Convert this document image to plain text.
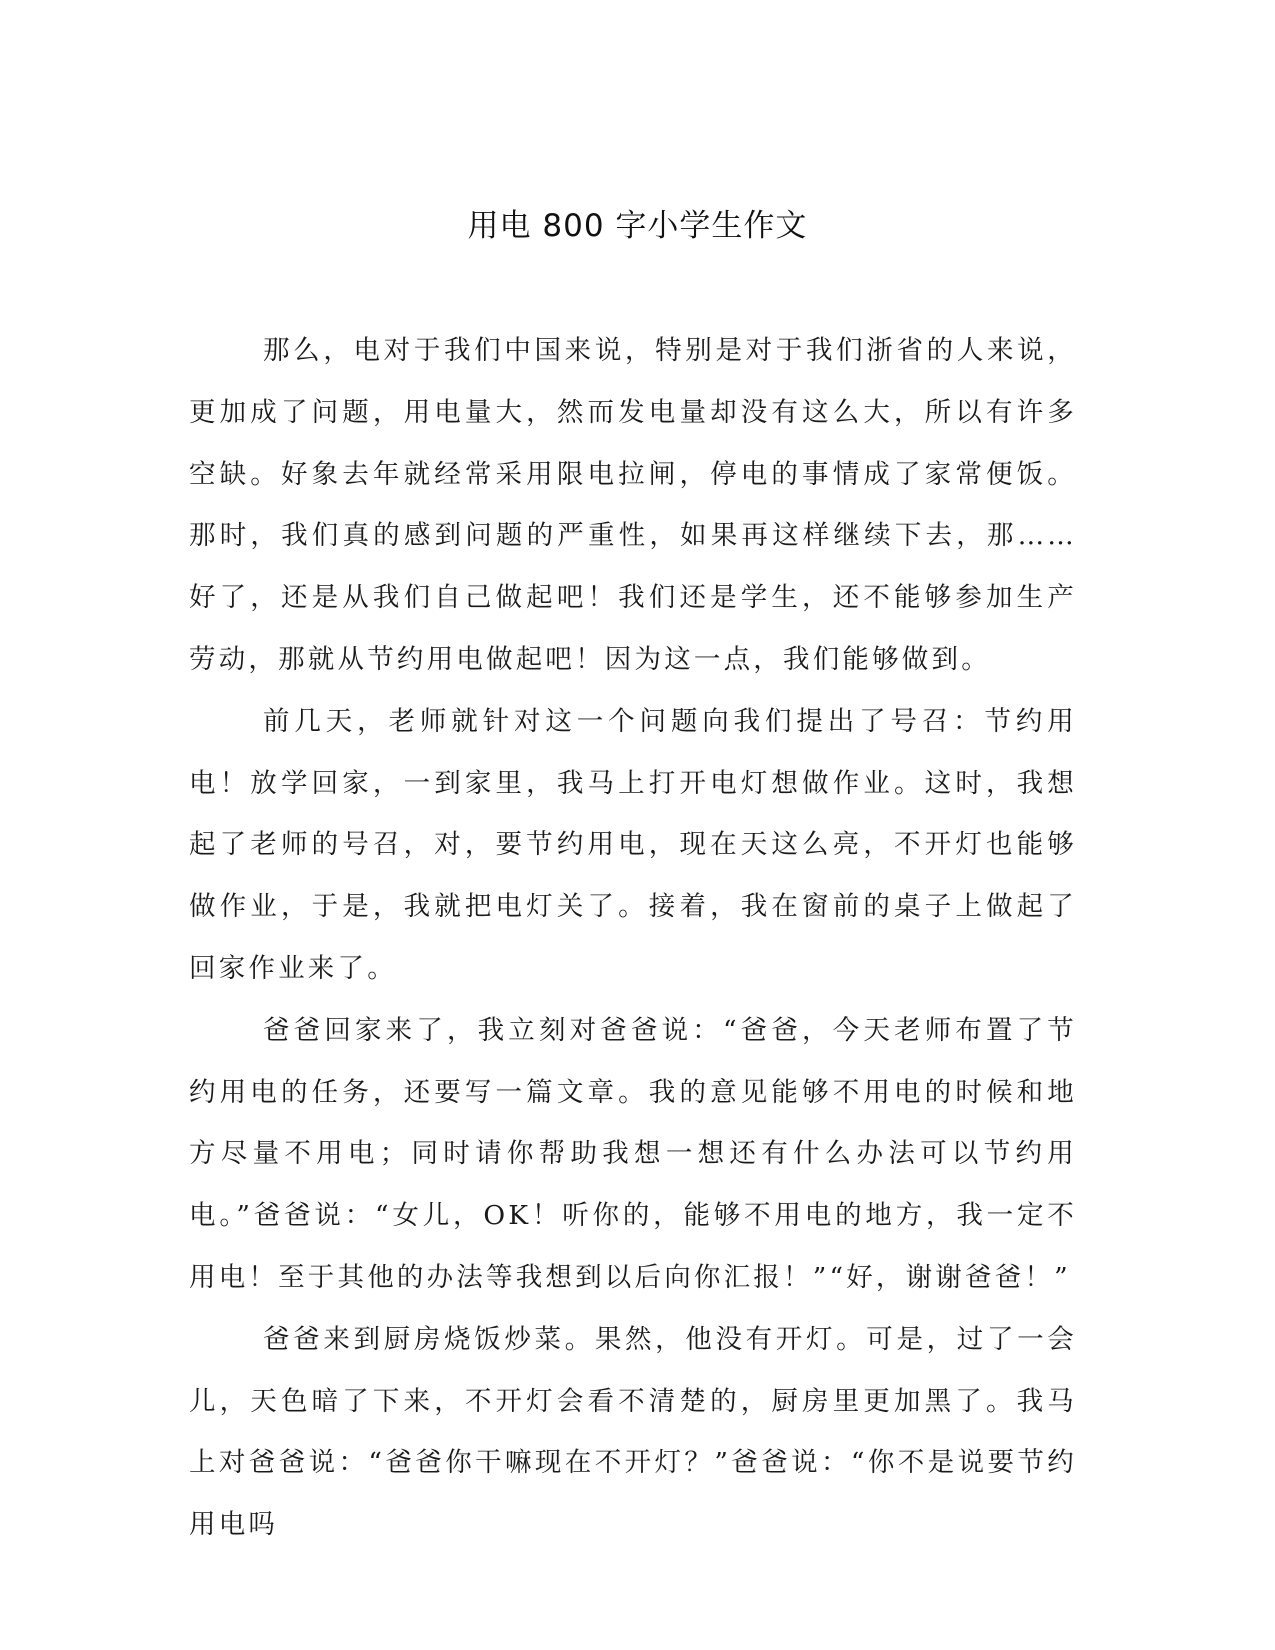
用电 800 字小学生作文

那么，电对于我们中国来说，特别是对于我们浙省的人来说，更加成了问题，用电量大，然而发电量却没有这么大，所以有许多空缺。好象去年就经常采用限电拉闸，停电的事情成了家常便饭。那时，我们真的感到问题的严重性，如果再这样继续下去，那……好了，还是从我们自己做起吧！我们还是学生，还不能够参加生产劳动，那就从节约用电做起吧！因为这一点，我们能够做到。

前几天，老师就针对这一个问题向我们提出了号召：节约用电！放学回家，一到家里，我马上打开电灯想做作业。这时，我想起了老师的号召，对，要节约用电，现在天这么亮，不开灯也能够做作业，于是，我就把电灯关了。接着，我在窗前的桌子上做起了回家作业来了。

爸爸回家来了，我立刻对爸爸说：“爸爸，今天老师布置了节约用电的任务，还要写一篇文章。我的意见能够不用电的时候和地方尽量不用电；同时请你帮助我想一想还有什么办法可以节约用电。”爸爸说：“女儿，OK！听你的，能够不用电的地方，我一定不用电！至于其他的办法等我想到以后向你汇报！”“好，谢谢爸爸！”

爸爸来到厨房烧饭炒菜。果然，他没有开灯。可是，过了一会儿，天色暗了下来，不开灯会看不清楚的，厨房里更加黑了。我马上对爸爸说：“爸爸你干嘛现在不开灯？”爸爸说：“你不是说要节约用电吗
